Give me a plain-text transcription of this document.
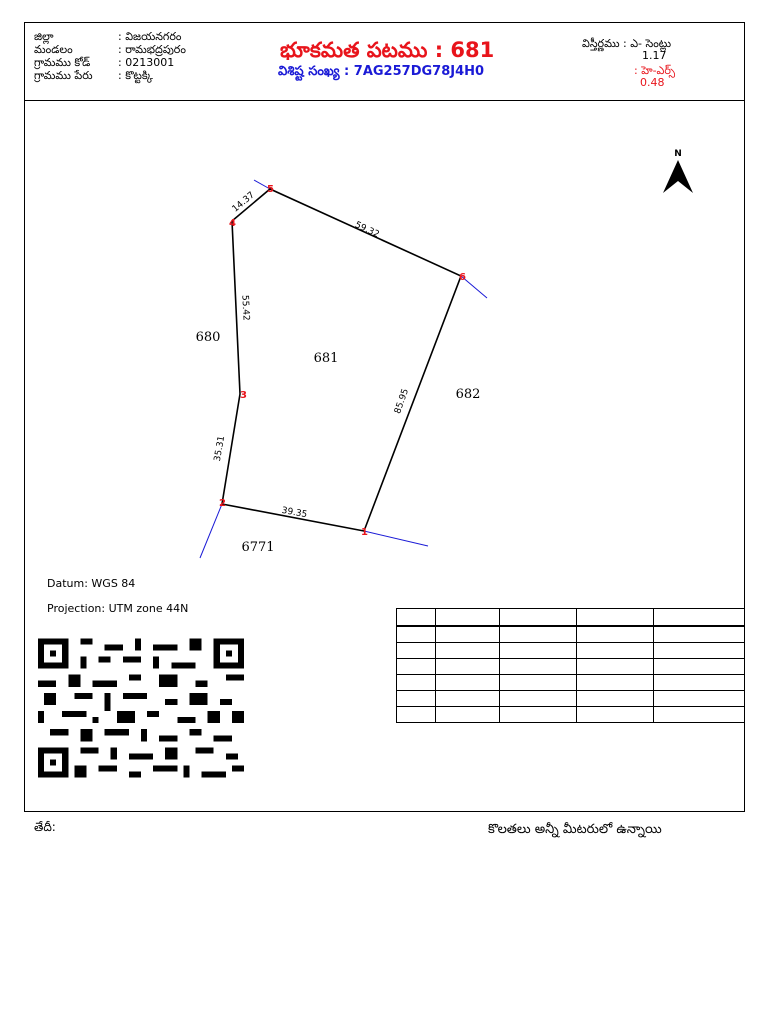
జిల్లా	: విజయనగరం
మండలం	: రామభద్రపురం
గ్రామము కోడ్	: 0213001
గ్రామము పేరు	: కొట్టక్కి
భూకమత పటము : 681
విశిష్ట సంఖ్య : 7AG257DG78J4H0
విస్తీర్ణము : ఎ- సెంట్లు
1.17
: హె-ఎర్స్
0.48
1
2
3
4
5
6
39.35
35.31
55.42
14.37
59.32
85.95
681
680
682
6771
N
Datum: WGS 84
Projection: UTM zone 44N

తేదీ:	కొలతలు అన్నీ మీటరులో ఉన్నాయి
